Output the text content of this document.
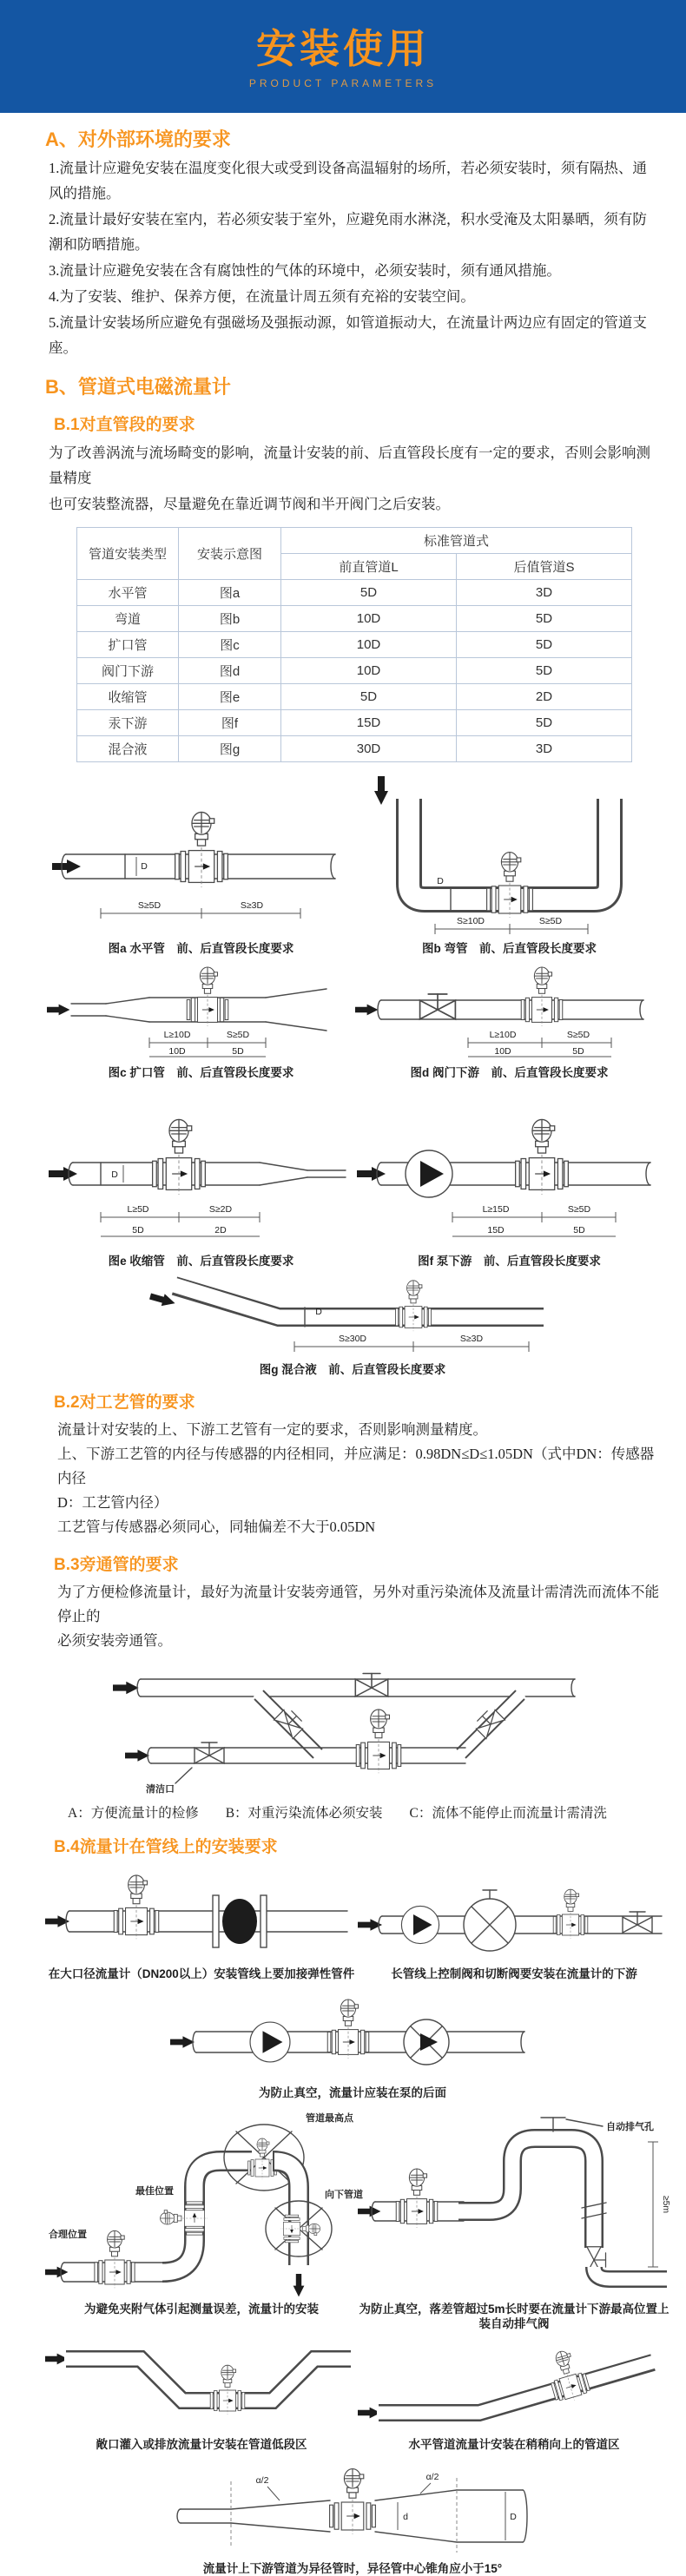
安装使用
PRODUCT PARAMETERS
A、对外部环境的要求

1.流量计应避免安装在温度变化很大或受到设备高温辐射的场所，若必须安装时，须有隔热、通风的措施。

2.流量计最好安装在室内，若必须安装于室外，应避免雨水淋浇，积水受淹及太阳暴晒，须有防潮和防晒措施。

3.流量计应避免安装在含有腐蚀性的气体的环境中，必须安装时，须有通风措施。

4.为了安装、维护、保养方便，在流量计周五须有充裕的安装空间。

5.流量计安装场所应避免有强磁场及强振动源，如管道振动大，在流量计两边应有固定的管道支座。

B、管道式电磁流量计
B.1对直管段的要求

为了改善涡流与流场畸变的影响，流量计安装的前、后直管段长度有一定的要求，否则会影响测量精度

也可安装整流器，尽量避免在靠近调节阀和半开阀门之后安装。

管道安装类型	安装示意图	标准管道式	
		前直管道L	后值管道S
水平管	图a	5D	3D
弯道	图b	10D	5D
扩口管	图c	10D	5D
阀门下游	图d	10D	5D
收缩管	图e	5D	2D
汞下游	图f	15D	5D
混合液	图g	30D	3D
D
S≥5D	S≥3D
图a 水平管　前、后直管段长度要求
D
S≥10D	S≥5D
图b 弯管　前、后直管段长度要求
L≥10D	S≥5D
10D	5D
图c 扩口管　前、后直管段长度要求
L≥10D	S≥5D
10D	5D
图d 阀门下游　前、后直管段长度要求
D
L≥5D	S≥2D
5D	2D
图e 收缩管　前、后直管段长度要求
L≥15D	S≥5D
15D	5D
图f 泵下游　前、后直管段长度要求
D
S≥30D	S≥3D
图g 混合液　前、后直管段长度要求
B.2对工艺管的要求

流量计对安装的上、下游工艺管有一定的要求，否则影响测量精度。

上、下游工艺管的内径与传感器的内径相同，并应满足：0.98DN≤D≤1.05DN（式中DN：传感器内径

D：工艺管内径）

工艺管与传感器必须同心，同轴偏差不大于0.05DN

B.3旁通管的要求

为了方便检修流量计，最好为流量计安装旁通管，另外对重污染流体及流量计需清洗而流体不能停止的

必须安装旁通管。

清洁口

A：方便流量计的检修　　B：对重污染流体必须安装　　C：流体不能停止而流量计需清洗

B.4流量计在管线上的安装要求
在大口径流量计（DN200以上）安装管线上要加接弹性管件	长管线上控制阀和切断阀要安装在流量计的下游
为防止真空，流量计应装在泵的后面
合理位置
最佳位置
管道最高点
向下管道
为避免夹附气体引起测量误差，流量计的安装
自动排气孔
≥5m
为防止真空，落差管超过5m长时要在流量计下游最高位置上装自动排气阀
敞口灌入或排放流量计安装在管道低段区	水平管道流量计安装在稍稍向上的管道区
α/2	α/2
d	D
流量计上下游管道为异径管时，异径管中心锥角应小于15°
